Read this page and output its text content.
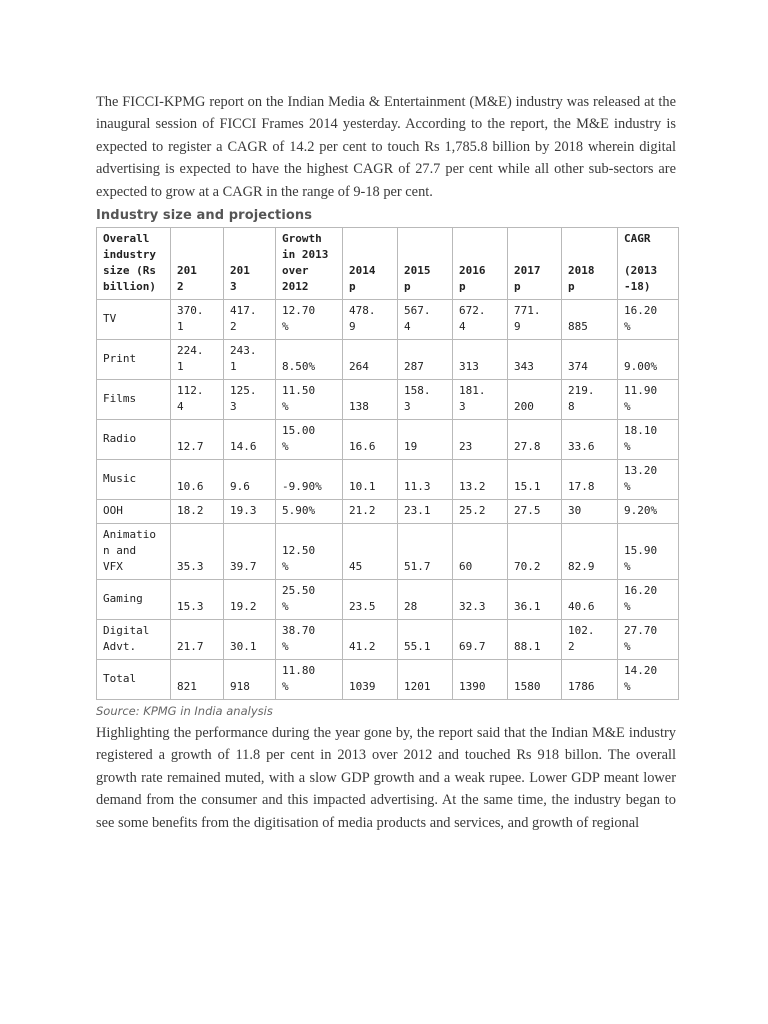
The FICCI-KPMG report on the Indian Media & Entertainment (M&E) industry was released at the inaugural session of FICCI Frames 2014 yesterday. According to the report, the M&E industry is expected to register a CAGR of 14.2 per cent to touch Rs 1,785.8 billion by 2018 wherein digital advertising is expected to have the highest CAGR of 27.7 per cent while all other sub-sectors are expected to grow at a CAGR in the range of 9-18 per cent.

Industry size and projections

Overall
industry
size (Rs
billion)	201
2	201
3	Growth
in 2013
over
2012	2014
p	2015
p	2016
p	2017
p	2018
p	CAGR

(2013
-18)
TV	370.
1	417.
2	12.70
%	478.
9	567.
4	672.
4	771.
9	885	16.20
%
Print	224.
1	243.
1	8.50%	264	287	313	343	374	9.00%
Films	112.
4	125.
3	11.50
%	138	158.
3	181.
3	200	219.
8	11.90
%
Radio	12.7	14.6	15.00
%	16.6	19	23	27.8	33.6	18.10
%
Music	10.6	9.6	-9.90%	10.1	11.3	13.2	15.1	17.8	13.20
%
OOH	18.2	19.3	5.90%	21.2	23.1	25.2	27.5	30	9.20%
Animatio
n and
VFX	35.3	39.7	12.50
%	45	51.7	60	70.2	82.9	15.90
%
Gaming	15.3	19.2	25.50
%	23.5	28	32.3	36.1	40.6	16.20
%
Digital
Advt.	21.7	30.1	38.70
%	41.2	55.1	69.7	88.1	102.
2	27.70
%
Total	821	918	11.80
%	1039	1201	1390	1580	1786	14.20
%

Source: KPMG in India analysis

Highlighting the performance during the year gone by, the report said that the Indian M&E industry registered a growth of 11.8 per cent in 2013 over 2012 and touched Rs 918 billon. The overall growth rate remained muted, with a slow GDP growth and a weak rupee. Lower GDP meant lower demand from the consumer and this impacted advertising. At the same time, the industry began to see some benefits from the digitisation of media products and services, and growth of regional
